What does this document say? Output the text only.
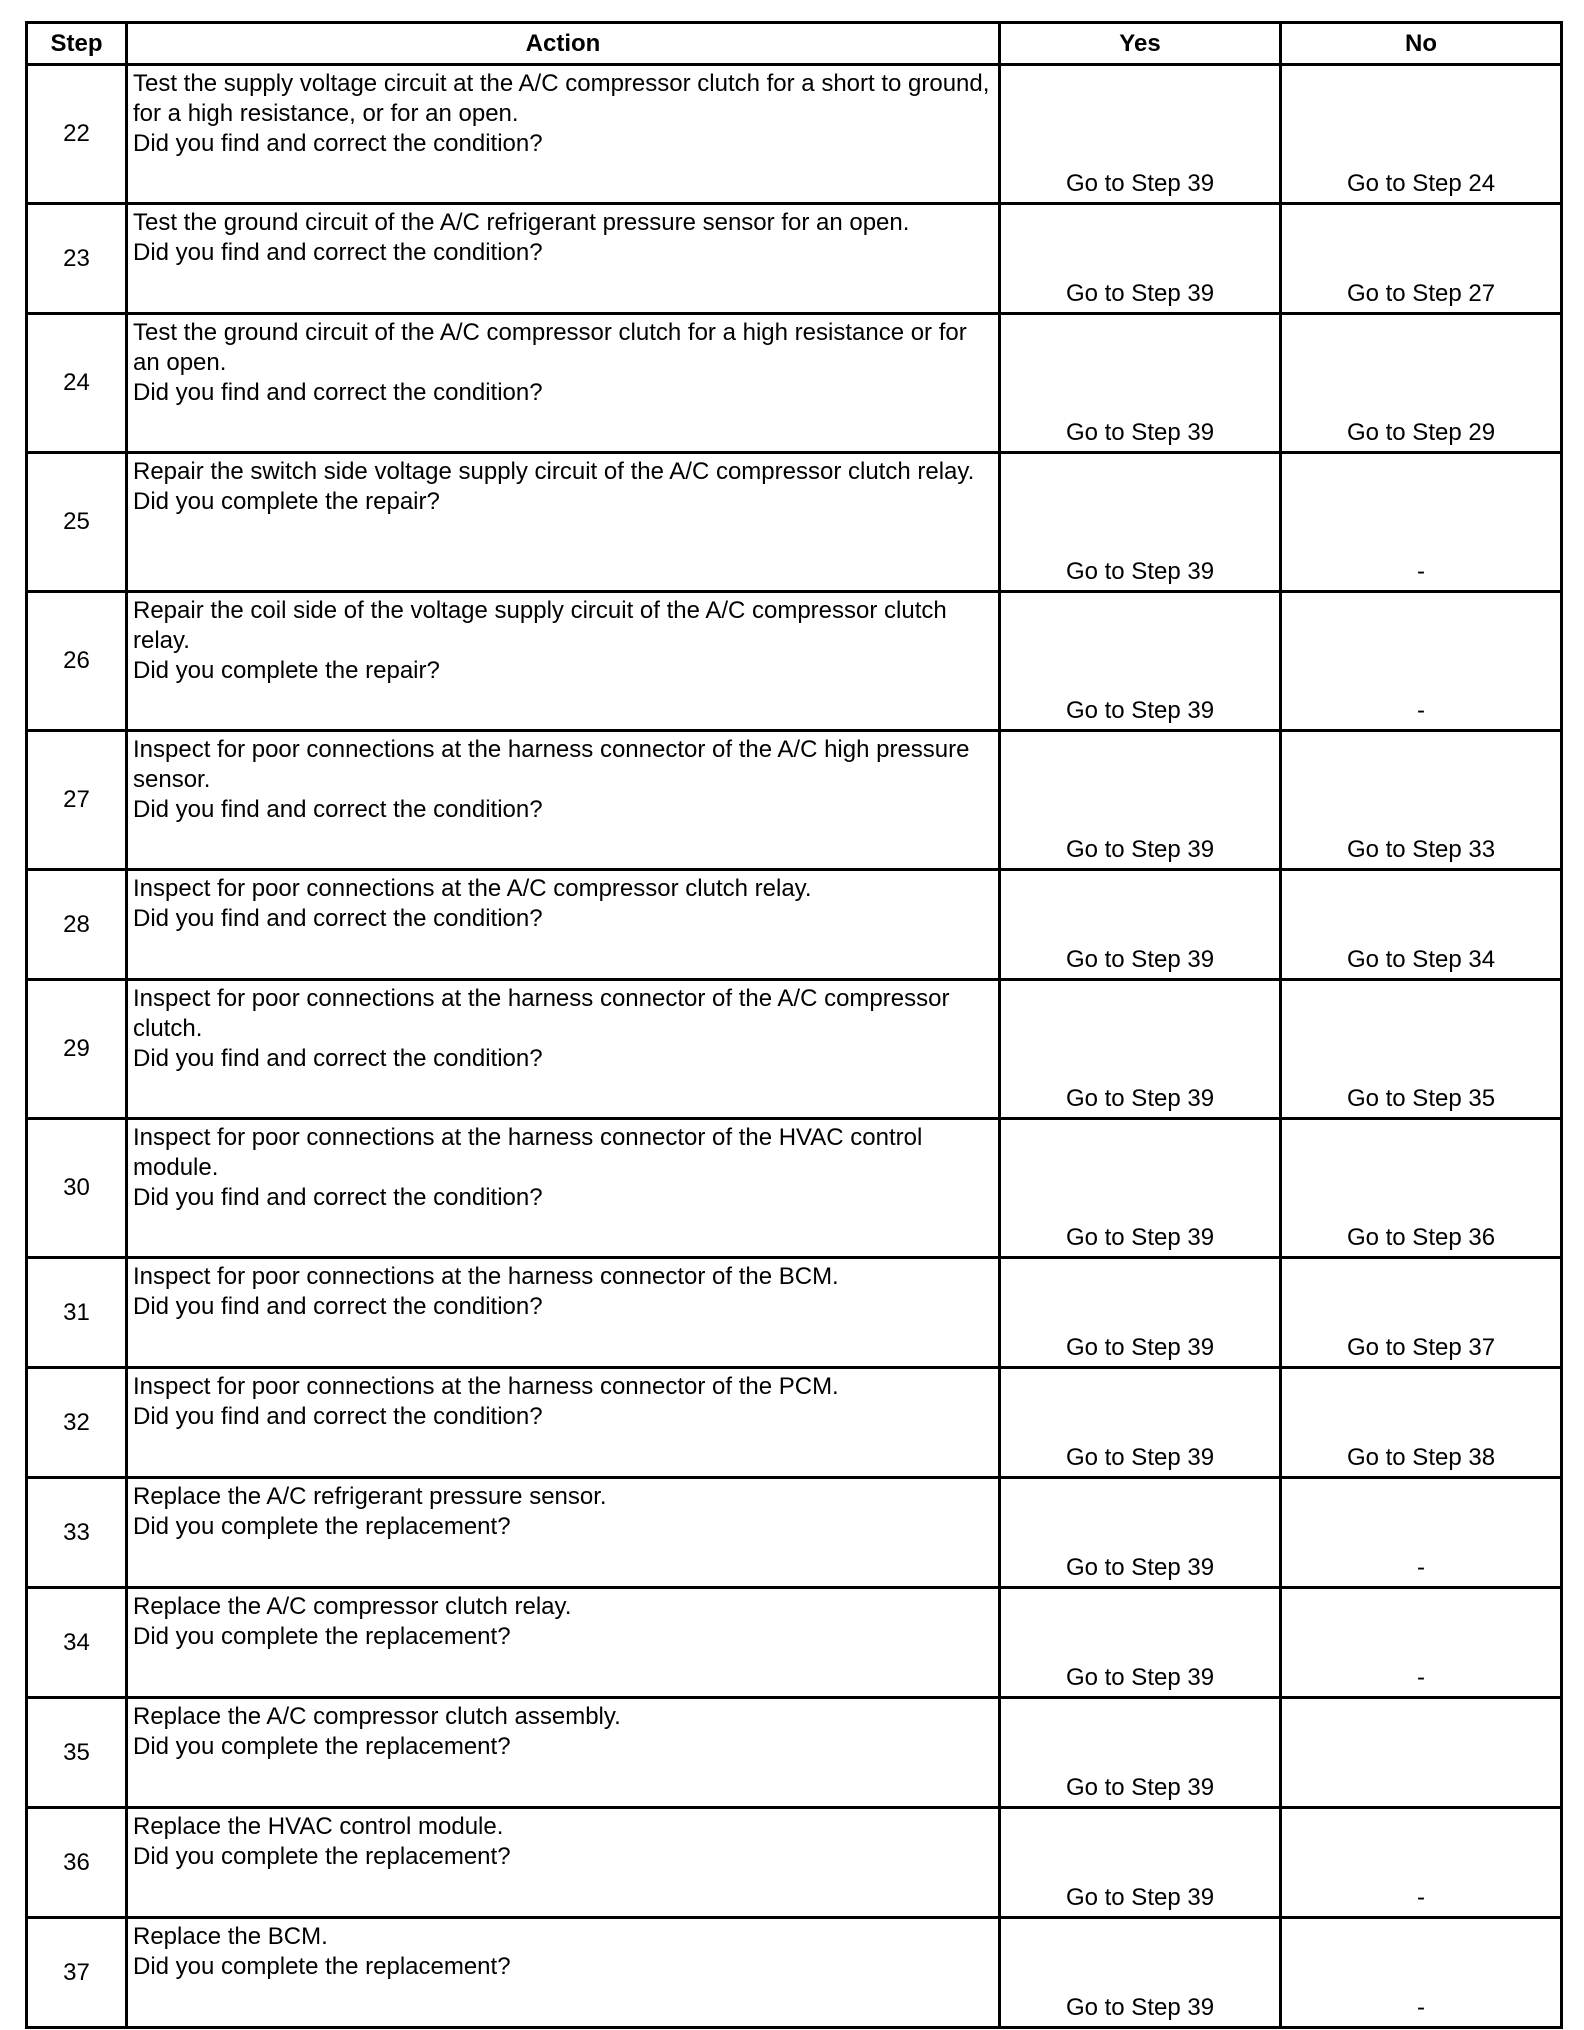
Step	Action	Yes	No
22	Test the supply voltage circuit at the A/C compressor clutch for a short to ground, for a high resistance, or for an open.
Did you find and correct the condition?	Go to Step 39	Go to Step 24
23	Test the ground circuit of the A/C refrigerant pressure sensor for an open.
Did you find and correct the condition?	Go to Step 39	Go to Step 27
24	Test the ground circuit of the A/C compressor clutch for a high resistance or for an open.
Did you find and correct the condition?	Go to Step 39	Go to Step 29
25	Repair the switch side voltage supply circuit of the A/C compressor clutch relay.
Did you complete the repair?	Go to Step 39	-
26	Repair the coil side of the voltage supply circuit of the A/C compressor clutch relay.
Did you complete the repair?	Go to Step 39	-
27	Inspect for poor connections at the harness connector of the A/C high pressure sensor.
Did you find and correct the condition?	Go to Step 39	Go to Step 33
28	Inspect for poor connections at the A/C compressor clutch relay.
Did you find and correct the condition?	Go to Step 39	Go to Step 34
29	Inspect for poor connections at the harness connector of the A/C compressor clutch.
Did you find and correct the condition?	Go to Step 39	Go to Step 35
30	Inspect for poor connections at the harness connector of the HVAC control module.
Did you find and correct the condition?	Go to Step 39	Go to Step 36
31	Inspect for poor connections at the harness connector of the BCM.
Did you find and correct the condition?	Go to Step 39	Go to Step 37
32	Inspect for poor connections at the harness connector of the PCM.
Did you find and correct the condition?	Go to Step 39	Go to Step 38
33	Replace the A/C refrigerant pressure sensor.
Did you complete the replacement?	Go to Step 39	-
34	Replace the A/C compressor clutch relay.
Did you complete the replacement?	Go to Step 39	-
35	Replace the A/C compressor clutch assembly.
Did you complete the replacement?	Go to Step 39	
36	Replace the HVAC control module.
Did you complete the replacement?	Go to Step 39	-
37	Replace the BCM.
Did you complete the replacement?	Go to Step 39	-
